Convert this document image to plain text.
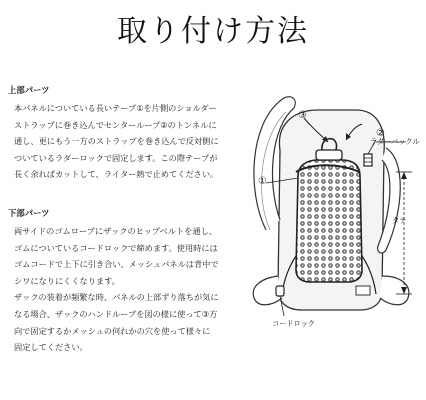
取り付け方法
上部パーツ

本パネルについている長いテープ①を片側のショルダー

ストラップに巻き込んでセンターループ②のトンネルに

通し、更にもう一方のストラップを巻き込んで反対側に

ついているラダーロックで固定します。この際テープが

長く余ればカットして、ライター熱で止めてください。

下部パーツ

両サイドのゴムロープにザックのヒップベルトを通し、

ゴムについているコードロックで締めます。使用時には

ゴムコードで上下に引き合い、メッシュパネルは背中で

シワになりにくくなります。

ザックの装着が頻繁な時、パネルの上部ずり落ちが気に

なる場合、ザックのハンドループを図の様に使って③方

向で固定するかメッシュの何れかの穴を使って様々に

固定してください。

①
②
③
ラダーバックル
タテ
コードロック
